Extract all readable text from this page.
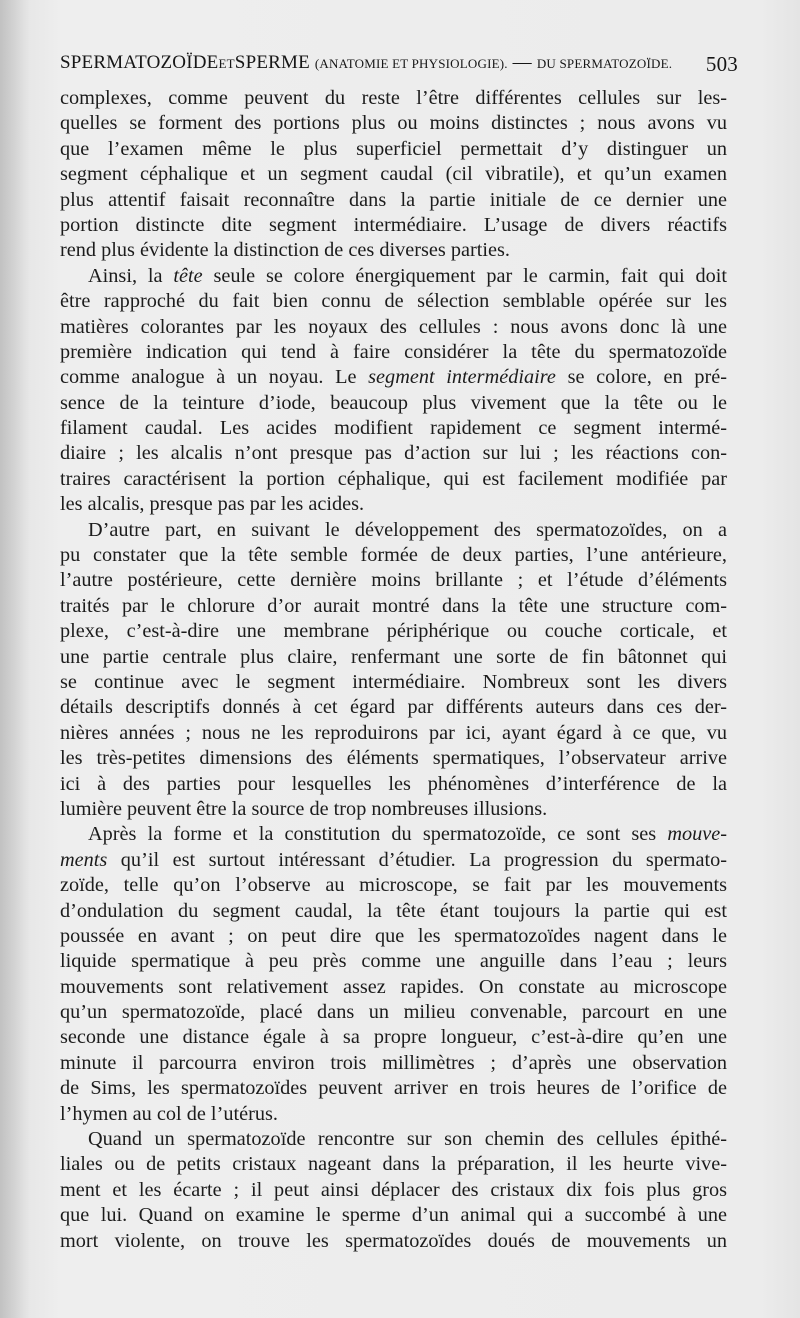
SPERMATOZOÏDEETSPERME (ANATOMIE ET PHYSIOLOGIE). — DU SPERMATOZOÏDE. 503
complexes, comme peuvent du reste l’être différentes cellules sur les-
quelles se forment des portions plus ou moins distinctes ; nous avons vu
que l’examen même le plus superficiel permettait d’y distinguer un
segment céphalique et un segment caudal (cil vibratile), et qu’un examen
plus attentif faisait reconnaître dans la partie initiale de ce dernier une
portion distincte dite segment intermédiaire. L’usage de divers réactifs
rend plus évidente la distinction de ces diverses parties.
Ainsi, la tête seule se colore énergiquement par le carmin, fait qui doit
être rapproché du fait bien connu de sélection semblable opérée sur les
matières colorantes par les noyaux des cellules : nous avons donc là une
première indication qui tend à faire considérer la tête du spermatozoïde
comme analogue à un noyau. Le segment intermédiaire se colore, en pré-
sence de la teinture d’iode, beaucoup plus vivement que la tête ou le
filament caudal. Les acides modifient rapidement ce segment intermé-
diaire ; les alcalis n’ont presque pas d’action sur lui ; les réactions con-
traires caractérisent la portion céphalique, qui est facilement modifiée par
les alcalis, presque pas par les acides.
D’autre part, en suivant le développement des spermatozoïdes, on a
pu constater que la tête semble formée de deux parties, l’une antérieure,
l’autre postérieure, cette dernière moins brillante ; et l’étude d’éléments
traités par le chlorure d’or aurait montré dans la tête une structure com-
plexe, c’est-à-dire une membrane périphérique ou couche corticale, et
une partie centrale plus claire, renfermant une sorte de fin bâtonnet qui
se continue avec le segment intermédiaire. Nombreux sont les divers
détails descriptifs donnés à cet égard par différents auteurs dans ces der-
nières années ; nous ne les reproduirons par ici, ayant égard à ce que, vu
les très-petites dimensions des éléments spermatiques, l’observateur arrive
ici à des parties pour lesquelles les phénomènes d’interférence de la
lumière peuvent être la source de trop nombreuses illusions.
Après la forme et la constitution du spermatozoïde, ce sont ses mouve-
ments qu’il est surtout intéressant d’étudier. La progression du spermato-
zoïde, telle qu’on l’observe au microscope, se fait par les mouvements
d’ondulation du segment caudal, la tête étant toujours la partie qui est
poussée en avant ; on peut dire que les spermatozoïdes nagent dans le
liquide spermatique à peu près comme une anguille dans l’eau ; leurs
mouvements sont relativement assez rapides. On constate au microscope
qu’un spermatozoïde, placé dans un milieu convenable, parcourt en une
seconde une distance égale à sa propre longueur, c’est-à-dire qu’en une
minute il parcourra environ trois millimètres ; d’après une observation
de Sims, les spermatozoïdes peuvent arriver en trois heures de l’orifice de
l’hymen au col de l’utérus.
Quand un spermatozoïde rencontre sur son chemin des cellules épithé-
liales ou de petits cristaux nageant dans la préparation, il les heurte vive-
ment et les écarte ; il peut ainsi déplacer des cristaux dix fois plus gros
que lui. Quand on examine le sperme d’un animal qui a succombé à une
mort violente, on trouve les spermatozoïdes doués de mouvements un
